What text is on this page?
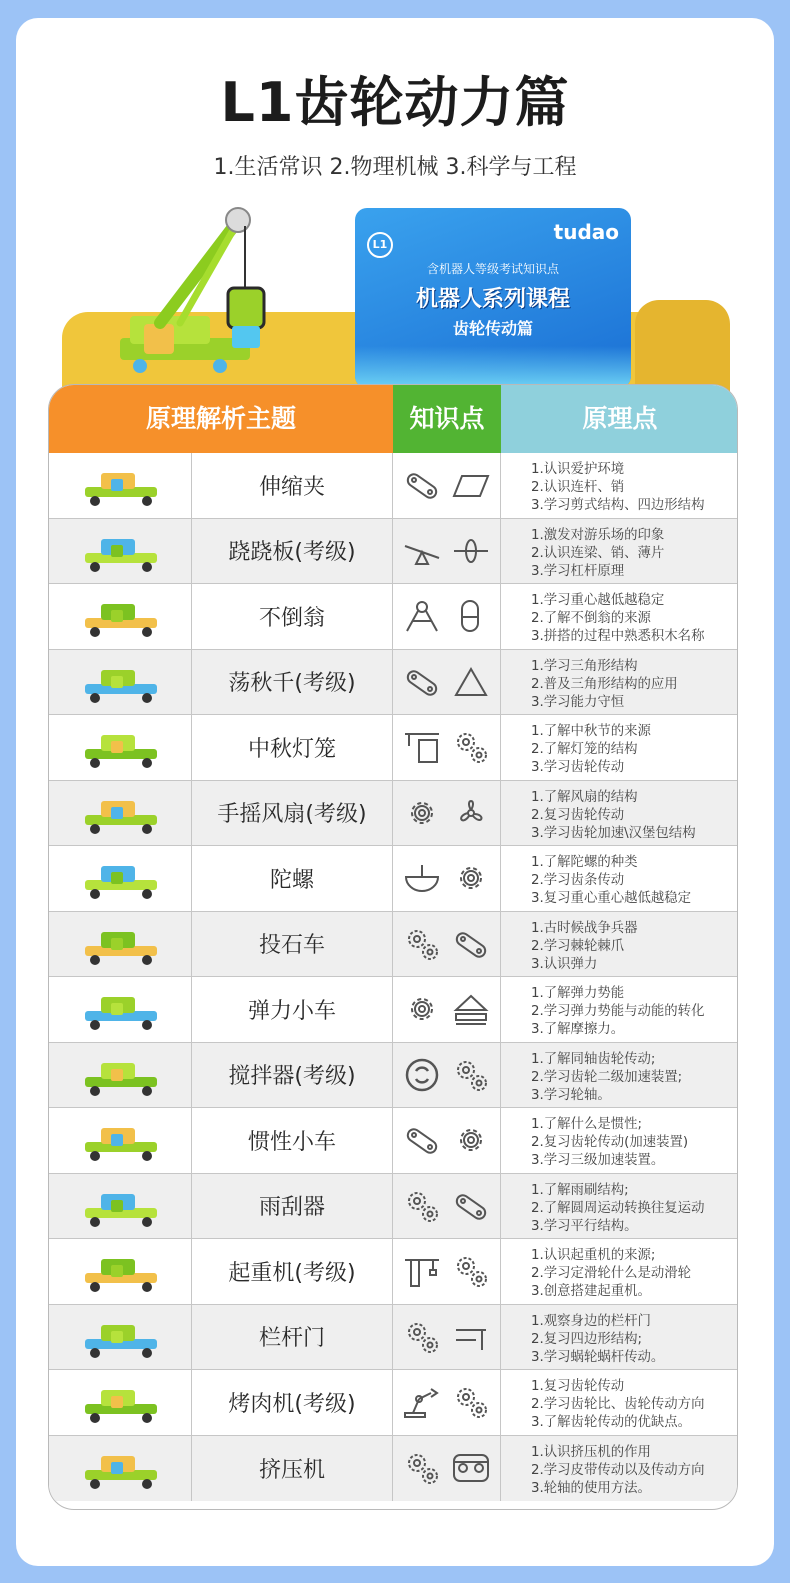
L1齿轮动力篇
1.生活常识 2.物理机械 3.科学与工程
L1
tudao
含机器人等级考试知识点
机器人系列课程
齿轮传动篇
原理解析主题	知识点	原理点
伸缩夹
1.认识爱护环境
2.认识连杆、销
3.学习剪式结构、四边形结构
跷跷板(考级)
1.激发对游乐场的印象
2.认识连梁、销、薄片
3.学习杠杆原理
不倒翁
1.学习重心越低越稳定
2.了解不倒翁的来源
3.拼搭的过程中熟悉积木名称
荡秋千(考级)
1.学习三角形结构
2.普及三角形结构的应用
3.学习能力守恒
中秋灯笼
1.了解中秋节的来源
2.了解灯笼的结构
3.学习齿轮传动
手摇风扇(考级)
1.了解风扇的结构
2.复习齿轮传动
3.学习齿轮加速\汉堡包结构
陀螺
1.了解陀螺的种类
2.学习齿条传动
3.复习重心重心越低越稳定
投石车
1.古时候战争兵器
2.学习棘轮棘爪
3.认识弹力
弹力小车
1.了解弹力势能
2.学习弹力势能与动能的转化
3.了解摩擦力。
搅拌器(考级)
1.了解同轴齿轮传动;
2.学习齿轮二级加速装置;
3.学习轮轴。
惯性小车
1.了解什么是惯性;
2.复习齿轮传动(加速装置)
3.学习三级加速装置。
雨刮器
1.了解雨刷结构;
2.了解圆周运动转换往复运动
3.学习平行结构。
起重机(考级)
1.认识起重机的来源;
2.学习定滑轮什么是动滑轮
3.创意搭建起重机。
栏杆门
1.观察身边的栏杆门
2.复习四边形结构;
3.学习蜗轮蜗杆传动。
烤肉机(考级)
1.复习齿轮传动
2.学习齿轮比、齿轮传动方向
3.了解齿轮传动的优缺点。
挤压机
1.认识挤压机的作用
2.学习皮带传动以及传动方向
3.轮轴的使用方法。
